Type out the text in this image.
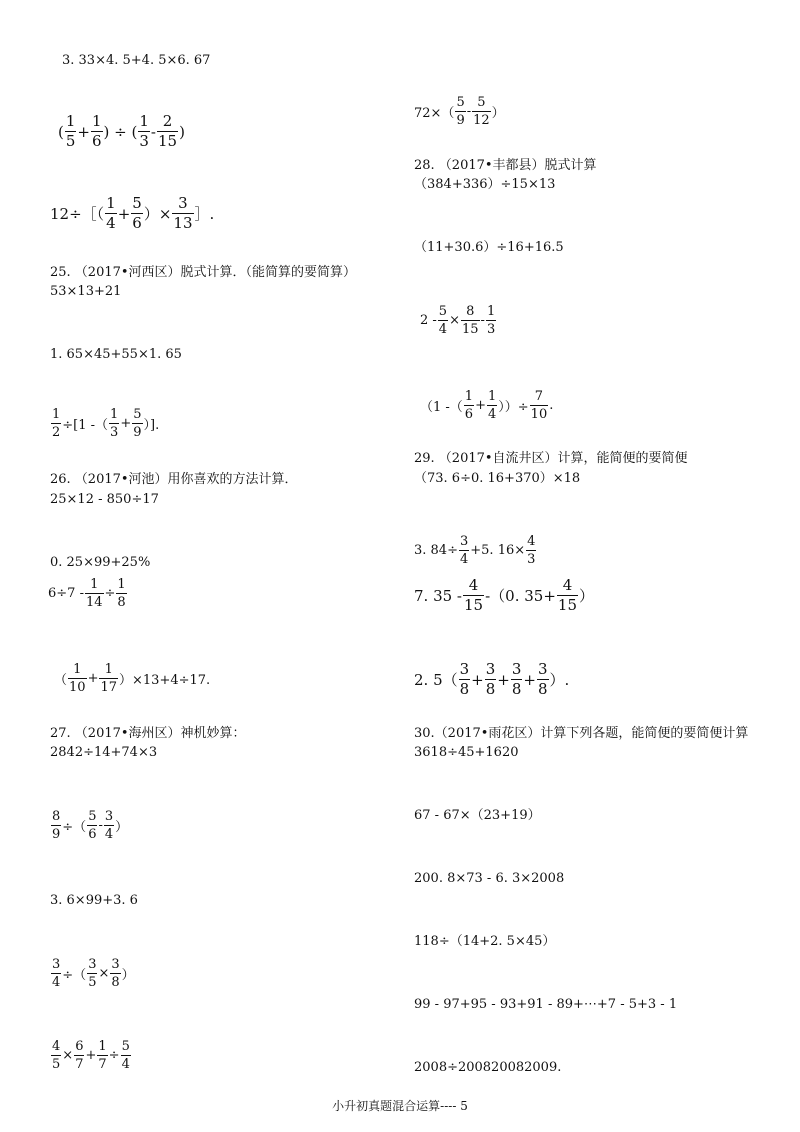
3. 33×4. 5+4. 5×6. 67
(
1
5
+ $\frac{1}{6}$ ) ÷ (
1
3
-
2
15
)
12÷［（
1
4
+ $\frac{5}{6}$ ）× $\frac{3}{13}$ ］.
25. （2017•河西区）脱式计算．（能简算的要简算）
53×13+21
1. 65×45+55×1. 65
$\frac{1}{2} \div[1$ -（
1
3
+ $\frac{5}{9}$ ）].
26. （2017•河池）用你喜欢的方法计算．
25×12 - 850÷17
0. 25×99+25%
$6\div 7 - \frac{1}{14} \div \frac{1}{8}$
（
1
10
+ $\frac{1}{17} )\times 13+4\div 17$.
27. （2017•海州区）神机妙算：
2842÷14+74×3
$\frac{8}{9}$ ÷（
5
6
-
3
4 ）
3. 6×99+3. 6
$\frac{3}{4}$ ÷（ $\frac{3}{5} \times \frac{3}{8}$ ）
$\frac{4}{5} \times \frac{6}{7} + \frac{1}{7} \div \frac{5}{4}$
72×（
5
9
-
5
12 ）
28. （2017•丰都县）脱式计算
（384+336）÷15×13
（11+30.6）÷16+16.5
$2 - \frac{5}{4} \times \frac{8}{15}$ -
1
3
（1 -（
1
6
+ $\frac{1}{4}$ ））÷ $\frac{7}{10}$ .
29. （2017•自流井区）计算，能简便的要简便
（73. 6÷0. 16+370）×18
3. $84\div \frac{3}{4} +5$. $16\times \frac{4}{3}$
7. 35 -
4
15 -（0. $35+ \frac{4}{15}$ ）
2. 5（
3
8
+ $\frac{3}{8} + \frac{3}{8} + \frac{3}{8}$ ）.
30.（2017•雨花区）计算下列各题，能简便的要简便计算
3618÷45+1620
67 - 67×（23+19）
200. 8×73 - 6. 3×2008
118÷（14+2. 5×45）
99 - 97+95 - 93+91 - 89+⋯+7 - 5+3 - 1
2008÷200820082009.
小升初真题混合运算---- 5
